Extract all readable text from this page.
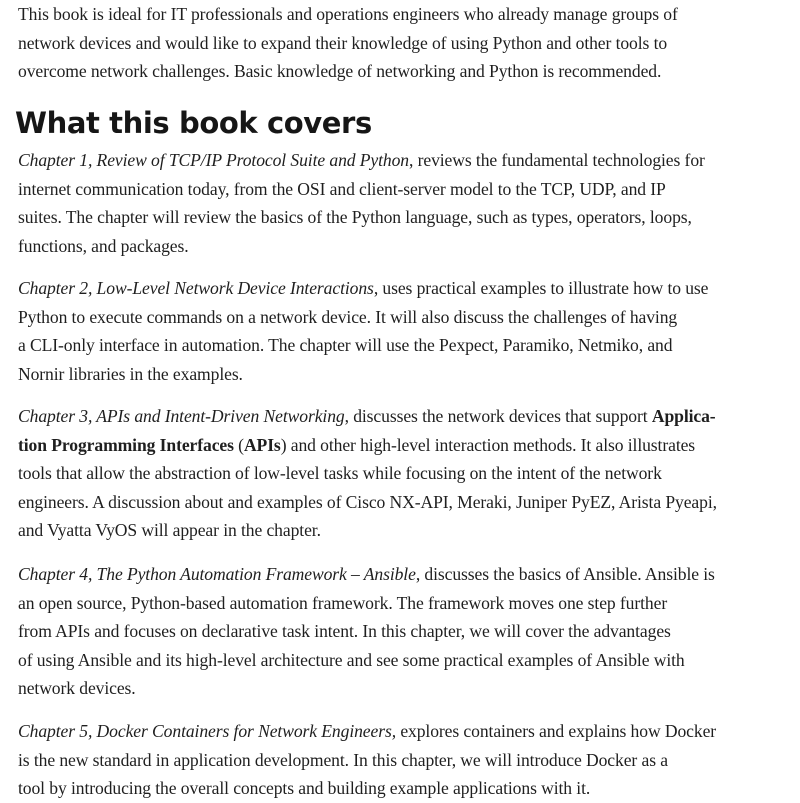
This book is ideal for IT professionals and operations engineers who already manage groups of
network devices and would like to expand their knowledge of using Python and other tools to
overcome network challenges. Basic knowledge of networking and Python is recommended.
What this book covers
Chapter 1, Review of TCP/IP Protocol Suite and Python, reviews the fundamental technologies for
internet communication today, from the OSI and client-server model to the TCP, UDP, and IP
suites. The chapter will review the basics of the Python language, such as types, operators, loops,
functions, and packages.
Chapter 2, Low-Level Network Device Interactions, uses practical examples to illustrate how to use
Python to execute commands on a network device. It will also discuss the challenges of having
a CLI-only interface in automation. The chapter will use the Pexpect, Paramiko, Netmiko, and
Nornir libraries in the examples.
Chapter 3, APIs and Intent-Driven Networking, discusses the network devices that support Applica-
tion Programming Interfaces (APIs) and other high-level interaction methods. It also illustrates
tools that allow the abstraction of low-level tasks while focusing on the intent of the network
engineers. A discussion about and examples of Cisco NX-API, Meraki, Juniper PyEZ, Arista Pyeapi,
and Vyatta VyOS will appear in the chapter.
Chapter 4, The Python Automation Framework – Ansible, discusses the basics of Ansible. Ansible is
an open source, Python-based automation framework. The framework moves one step further
from APIs and focuses on declarative task intent. In this chapter, we will cover the advantages
of using Ansible and its high-level architecture and see some practical examples of Ansible with
network devices.
Chapter 5, Docker Containers for Network Engineers, explores containers and explains how Docker
is the new standard in application development. In this chapter, we will introduce Docker as a
tool by introducing the overall concepts and building example applications with it.
